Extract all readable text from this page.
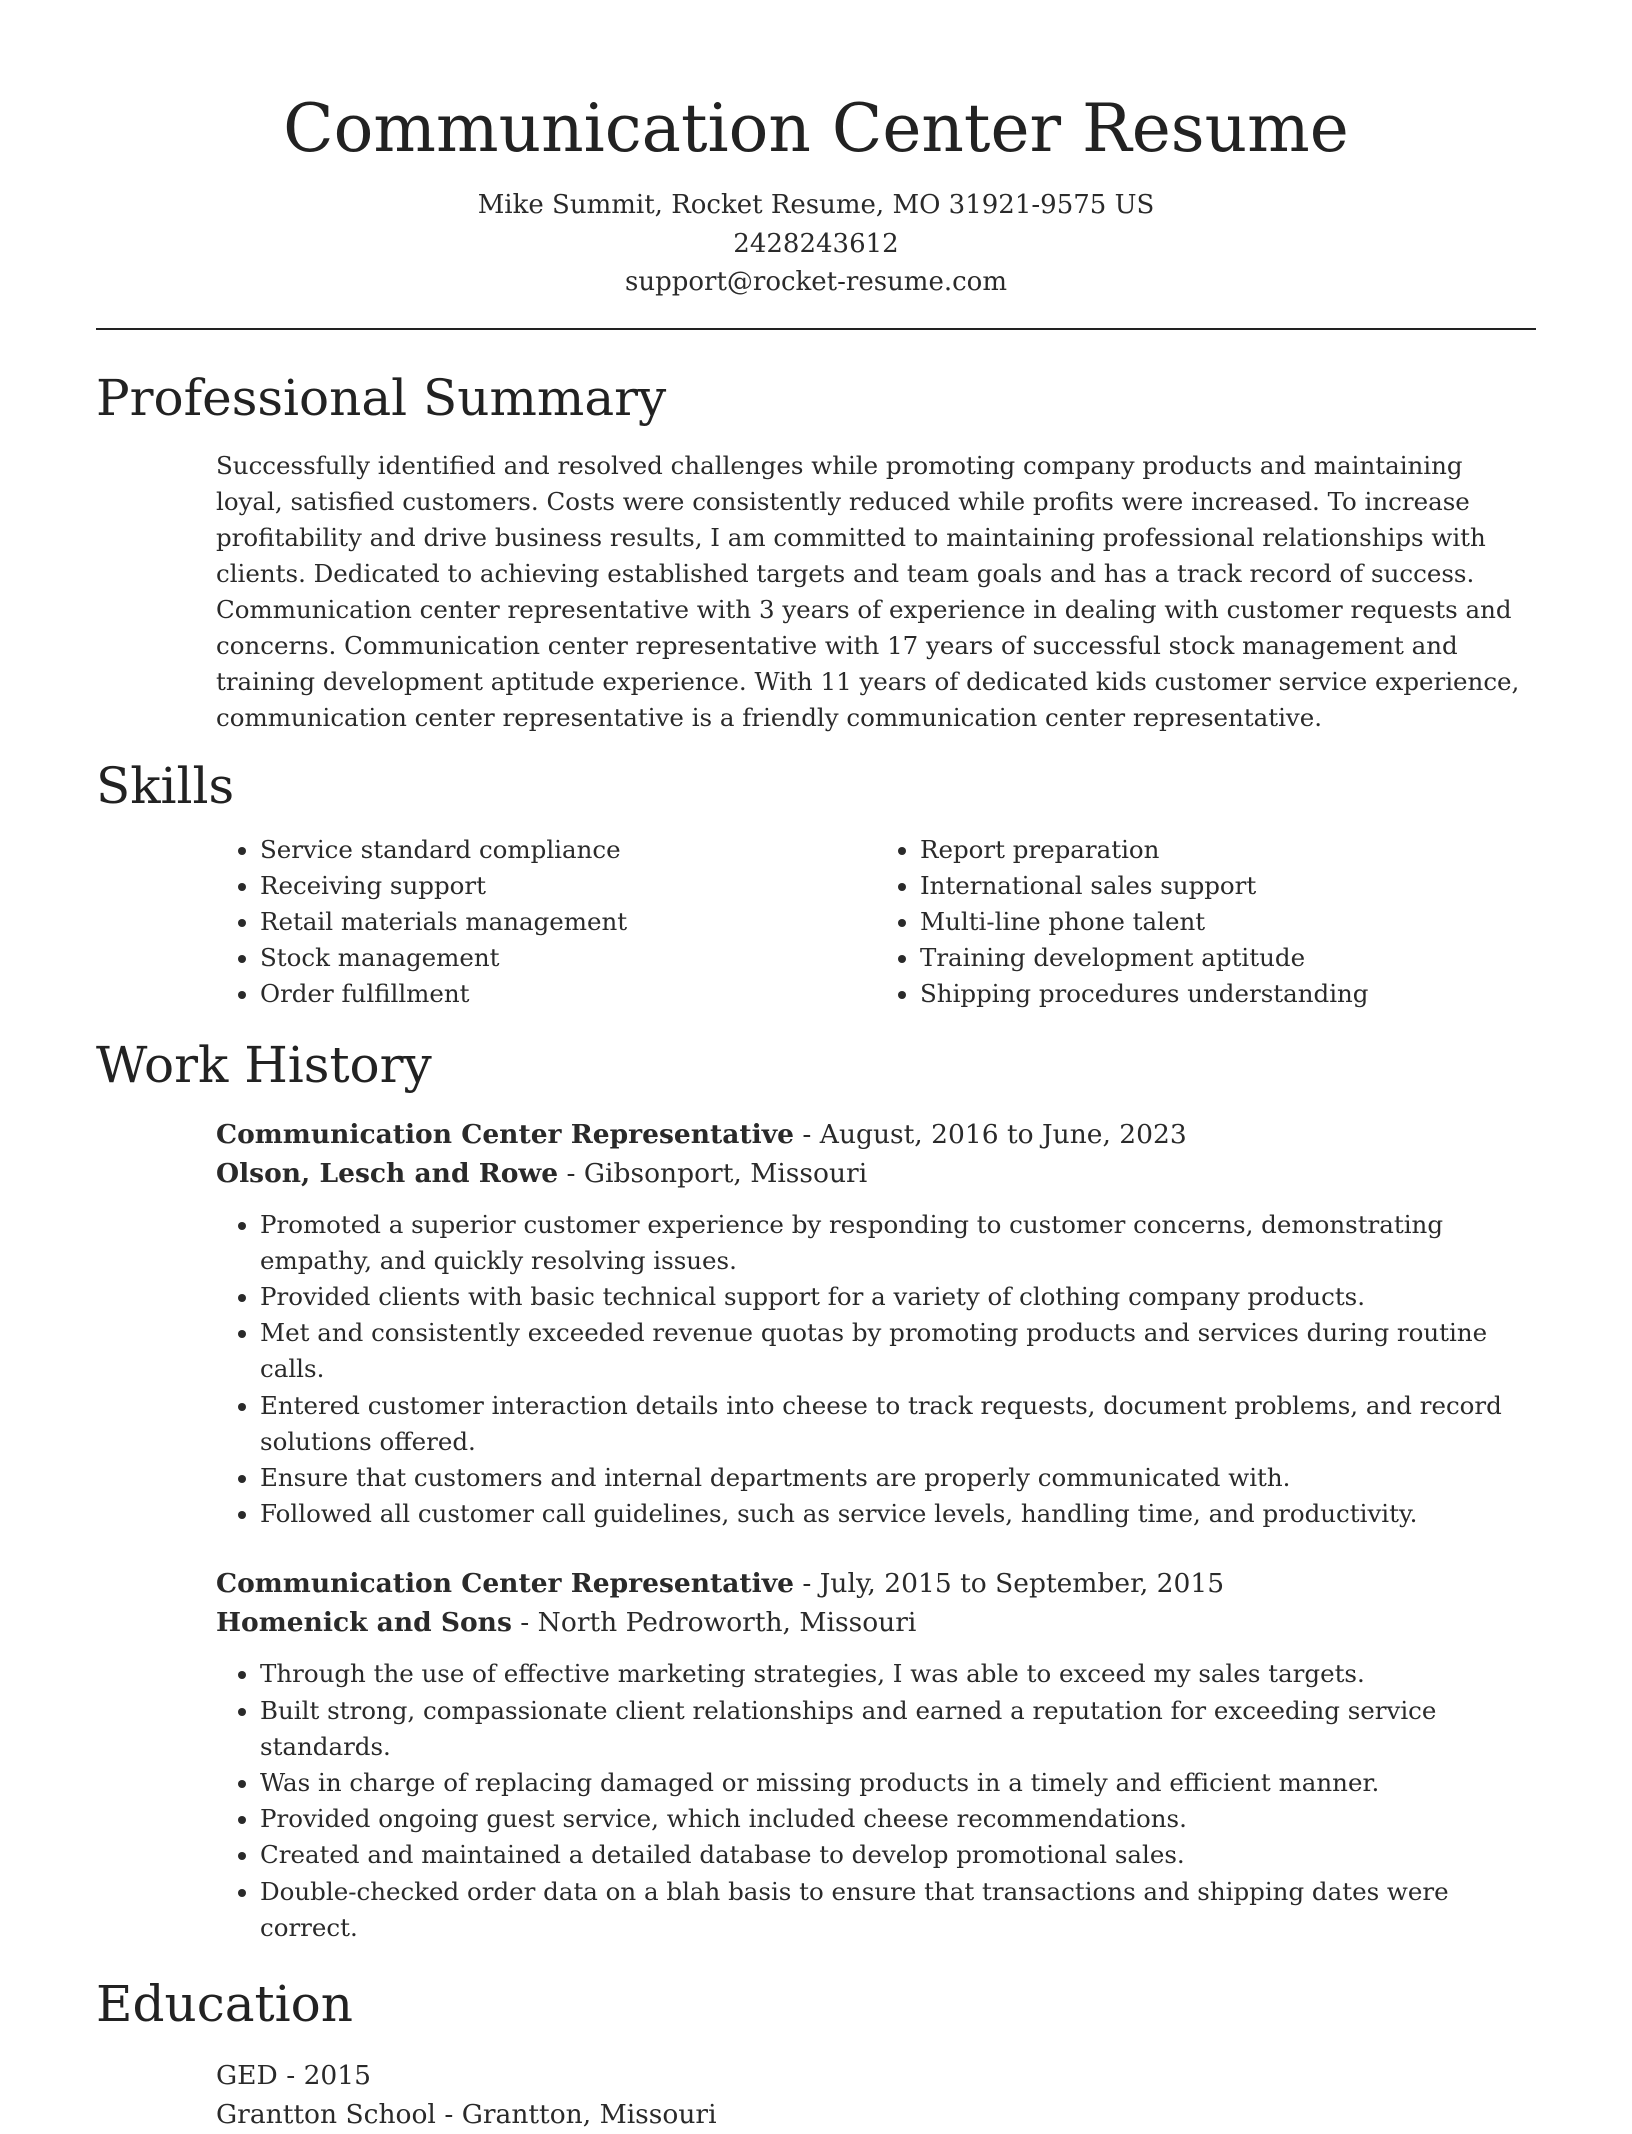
Communication Center Resume
Mike Summit, Rocket Resume, MO 31921-9575 US
2428243612
support@rocket-resume.com
Professional Summary

Successfully identified and resolved challenges while promoting company products and maintaining loyal, satisfied customers. Costs were consistently reduced while profits were increased. To increase profitability and drive business results, I am committed to maintaining professional relationships with clients. Dedicated to achieving established targets and team goals and has a track record of success. Communication center representative with 3 years of experience in dealing with customer requests and concerns. Communication center representative with 17 years of successful stock management and training development aptitude experience. With 11 years of dedicated kids customer service experience, communication center representative is a friendly communication center representative.

Skills
• Service standard compliance
• Receiving support
• Retail materials management
• Stock management
• Order fulfillment
• Report preparation
• International sales support
• Multi-line phone talent
• Training development aptitude
• Shipping procedures understanding
Work History
Communication Center Representative - August, 2016 to June, 2023
Olson, Lesch and Rowe - Gibsonport, Missouri
• Promoted a superior customer experience by responding to customer concerns, demonstrating empathy, and quickly resolving issues.
• Provided clients with basic technical support for a variety of clothing company products.
• Met and consistently exceeded revenue quotas by promoting products and services during routine calls.
• Entered customer interaction details into cheese to track requests, document problems, and record solutions offered.
• Ensure that customers and internal departments are properly communicated with.
• Followed all customer call guidelines, such as service levels, handling time, and productivity.
Communication Center Representative - July, 2015 to September, 2015
Homenick and Sons - North Pedroworth, Missouri
• Through the use of effective marketing strategies, I was able to exceed my sales targets.
• Built strong, compassionate client relationships and earned a reputation for exceeding service standards.
• Was in charge of replacing damaged or missing products in a timely and efficient manner.
• Provided ongoing guest service, which included cheese recommendations.
• Created and maintained a detailed database to develop promotional sales.
• Double-checked order data on a blah basis to ensure that transactions and shipping dates were correct.
Education
GED - 2015
Grantton School - Grantton, Missouri
